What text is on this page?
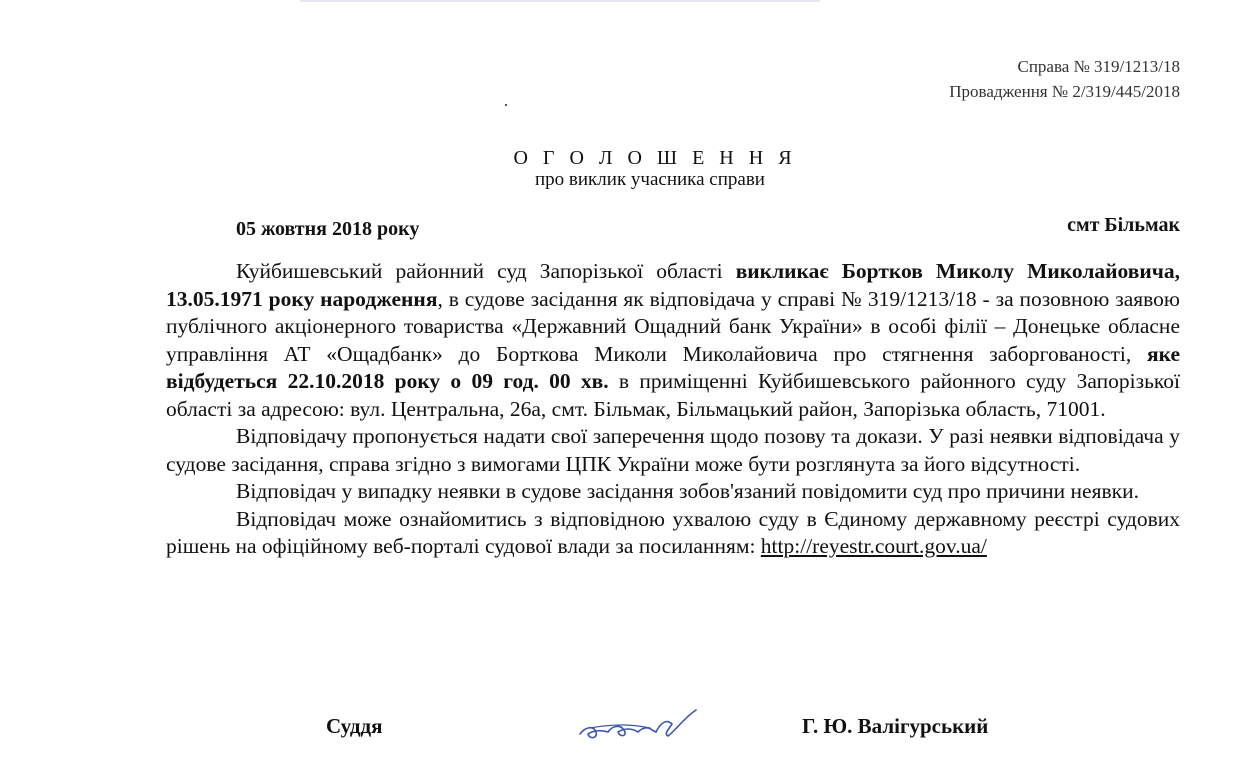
Справа № 319/1213/18
Провадження № 2/319/445/2018
О Г О Л О Ш Е Н Н Я
про виклик учасника справи
05 жовтня 2018 року	смт Більмак

Куйбишевський районний суд Запорізької області викликає Бортков Миколу Миколайовича, 13.05.1971 року народження, в судове засідання як відповідача у справі № 319/1213/18 - за позовною заявою публічного акціонерного товариства «Державний Ощадний банк України» в особі філії – Донецьке обласне управління АТ «Ощадбанк» до Борткова Миколи Миколайовича про стягнення заборгованості, яке відбудеться 22.10.2018 року о 09 год. 00 хв. в приміщенні Куйбишевського районного суду Запорізької області за адресою: вул. Центральна, 26а, смт. Більмак, Більмацький район, Запорізька область, 71001.

Відповідачу пропонується надати свої заперечення щодо позову та докази. У разі неявки відповідача у судове засідання, справа згідно з вимогами ЦПК України може бути розглянута за його відсутності.

Відповідач у випадку неявки в судове засідання зобов'язаний повідомити суд про причини неявки.

Відповідач може ознайомитись з відповідною ухвалою суду в Єдиному державному реєстрі судових рішень на офіційному веб-порталі судової влади за посиланням: http://reyestr.court.gov.ua/

Суддя	Г. Ю. Валігурський
